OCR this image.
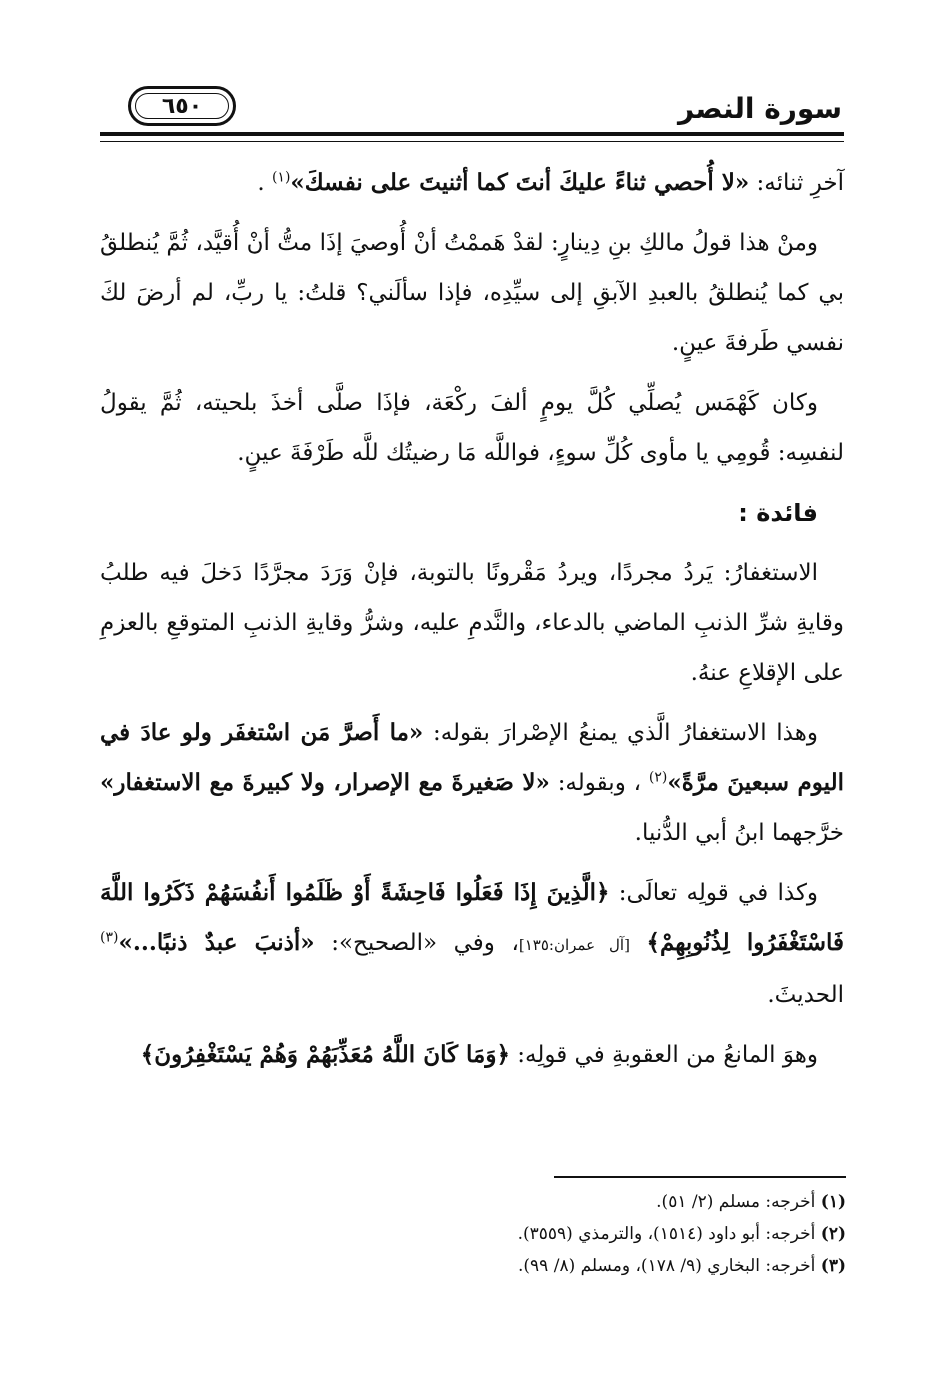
سورة النصر
٦٥٠

آخرِ ثنائه: «لا أُحصي ثناءً عليكَ أنتَ كما أثنيتَ على نفسكَ»$^{(١)}$ .

ومنْ هذا قولُ مالكِ بنِ دِينارٍ: لقدْ هَممْتُ أنْ أُوصيَ إذَا متُّ أنْ أُقيَّد، ثُمَّ يُنطلقُ بي كما يُنطلقُ بالعبدِ الآبقِ إلى سيِّدِه، فإذا سألَني؟ قلتُ: يا ربِّ، لم أرضَ لكَ نفسي طَرفةَ عينٍ.

وكان كَهْمَس يُصلِّي كُلَّ يومٍ ألفَ ركْعَة، فإذَا صلَّى أخذَ بلحيته، ثُمَّ يقولُ لنفسِه: قُومِي يا مأوى كُلِّ سوءٍ، فواللَّه مَا رضيتُك للَّه طَرْفَةَ عينٍ.

فائدة :

الاستغفارُ: يَردُ مجردًا، ويردُ مَقْرونًا بالتوبة، فإنْ وَرَدَ مجرَّدًا دَخلَ فيه طلبُ وقايةِ شرِّ الذنبِ الماضي بالدعاء، والنَّدمِ عليه، وشرُّ وقايةِ الذنبِ المتوقعِ بالعزمِ على الإقلاعِ عنهُ.

وهذا الاستغفارُ الَّذي يمنعُ الإصْرارَ بقوله: «ما أَصرَّ مَن اسْتغفَر ولو عادَ في اليوم سبعينَ مرَّةً»$^{(٢)}$ ، وبقوله: «لا صَغيرةَ مع الإصرار، ولا كبيرةَ مع الاستغفار» خرَّجهما ابنُ أبي الدُّنيا.

وكذا في قولِه تعالَى: ﴿الَّذِينَ إِذَا فَعَلُوا فَاحِشَةً أَوْ ظَلَمُوا أَنفُسَهُمْ ذَكَرُوا اللَّهَ فَاسْتَغْفَرُوا لِذُنُوبِهِمْ﴾ [آل عمران:١٣٥]، وفي «الصحيح»: «أذنبَ عبدٌ ذنبًا...»$^{(٣)}$ الحديثَ.

وهوَ المانعُ من العقوبةِ في قولِه: ﴿وَمَا كَانَ اللَّهُ مُعَذِّبَهُمْ وَهُمْ يَسْتَغْفِرُونَ﴾

(١) أخرجه: مسلم (٢/ ٥١).
(٢) أخرجه: أبو داود (١٥١٤)، والترمذي (٣٥٥٩).
(٣) أخرجه: البخاري (٩/ ١٧٨)، ومسلم (٨/ ٩٩).
